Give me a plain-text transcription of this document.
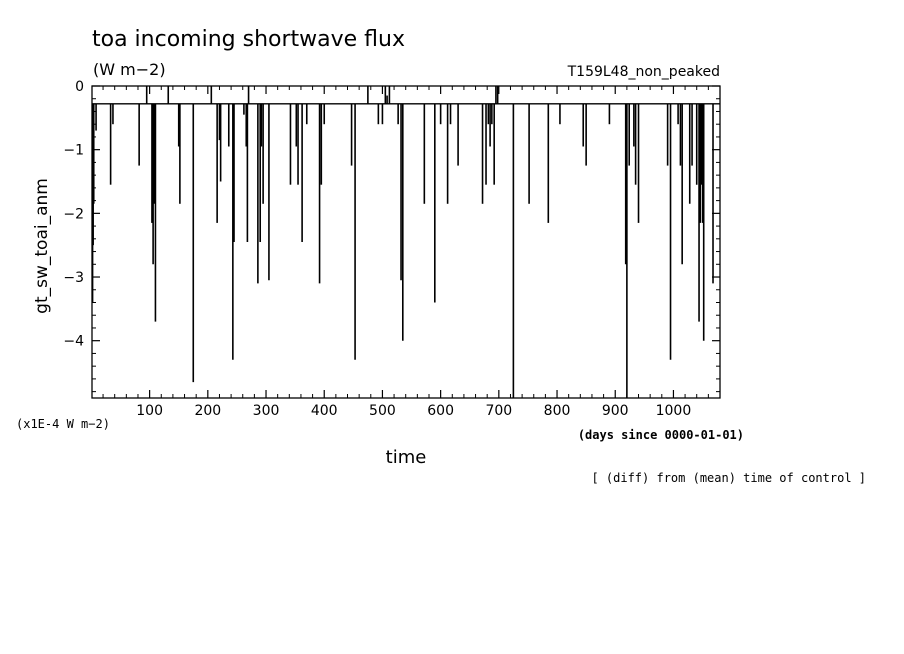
toa incoming shortwave flux
(W m−2)	T159L48_non_peaked
100 200 300 400 500 600 700 800 900 1000
0
−1
−2
−3
−4
gt_sw_toai_anm
time
(x1E-4 W m−2)
(days since 0000-01-01)
[ (diff) from (mean) time of control ]
